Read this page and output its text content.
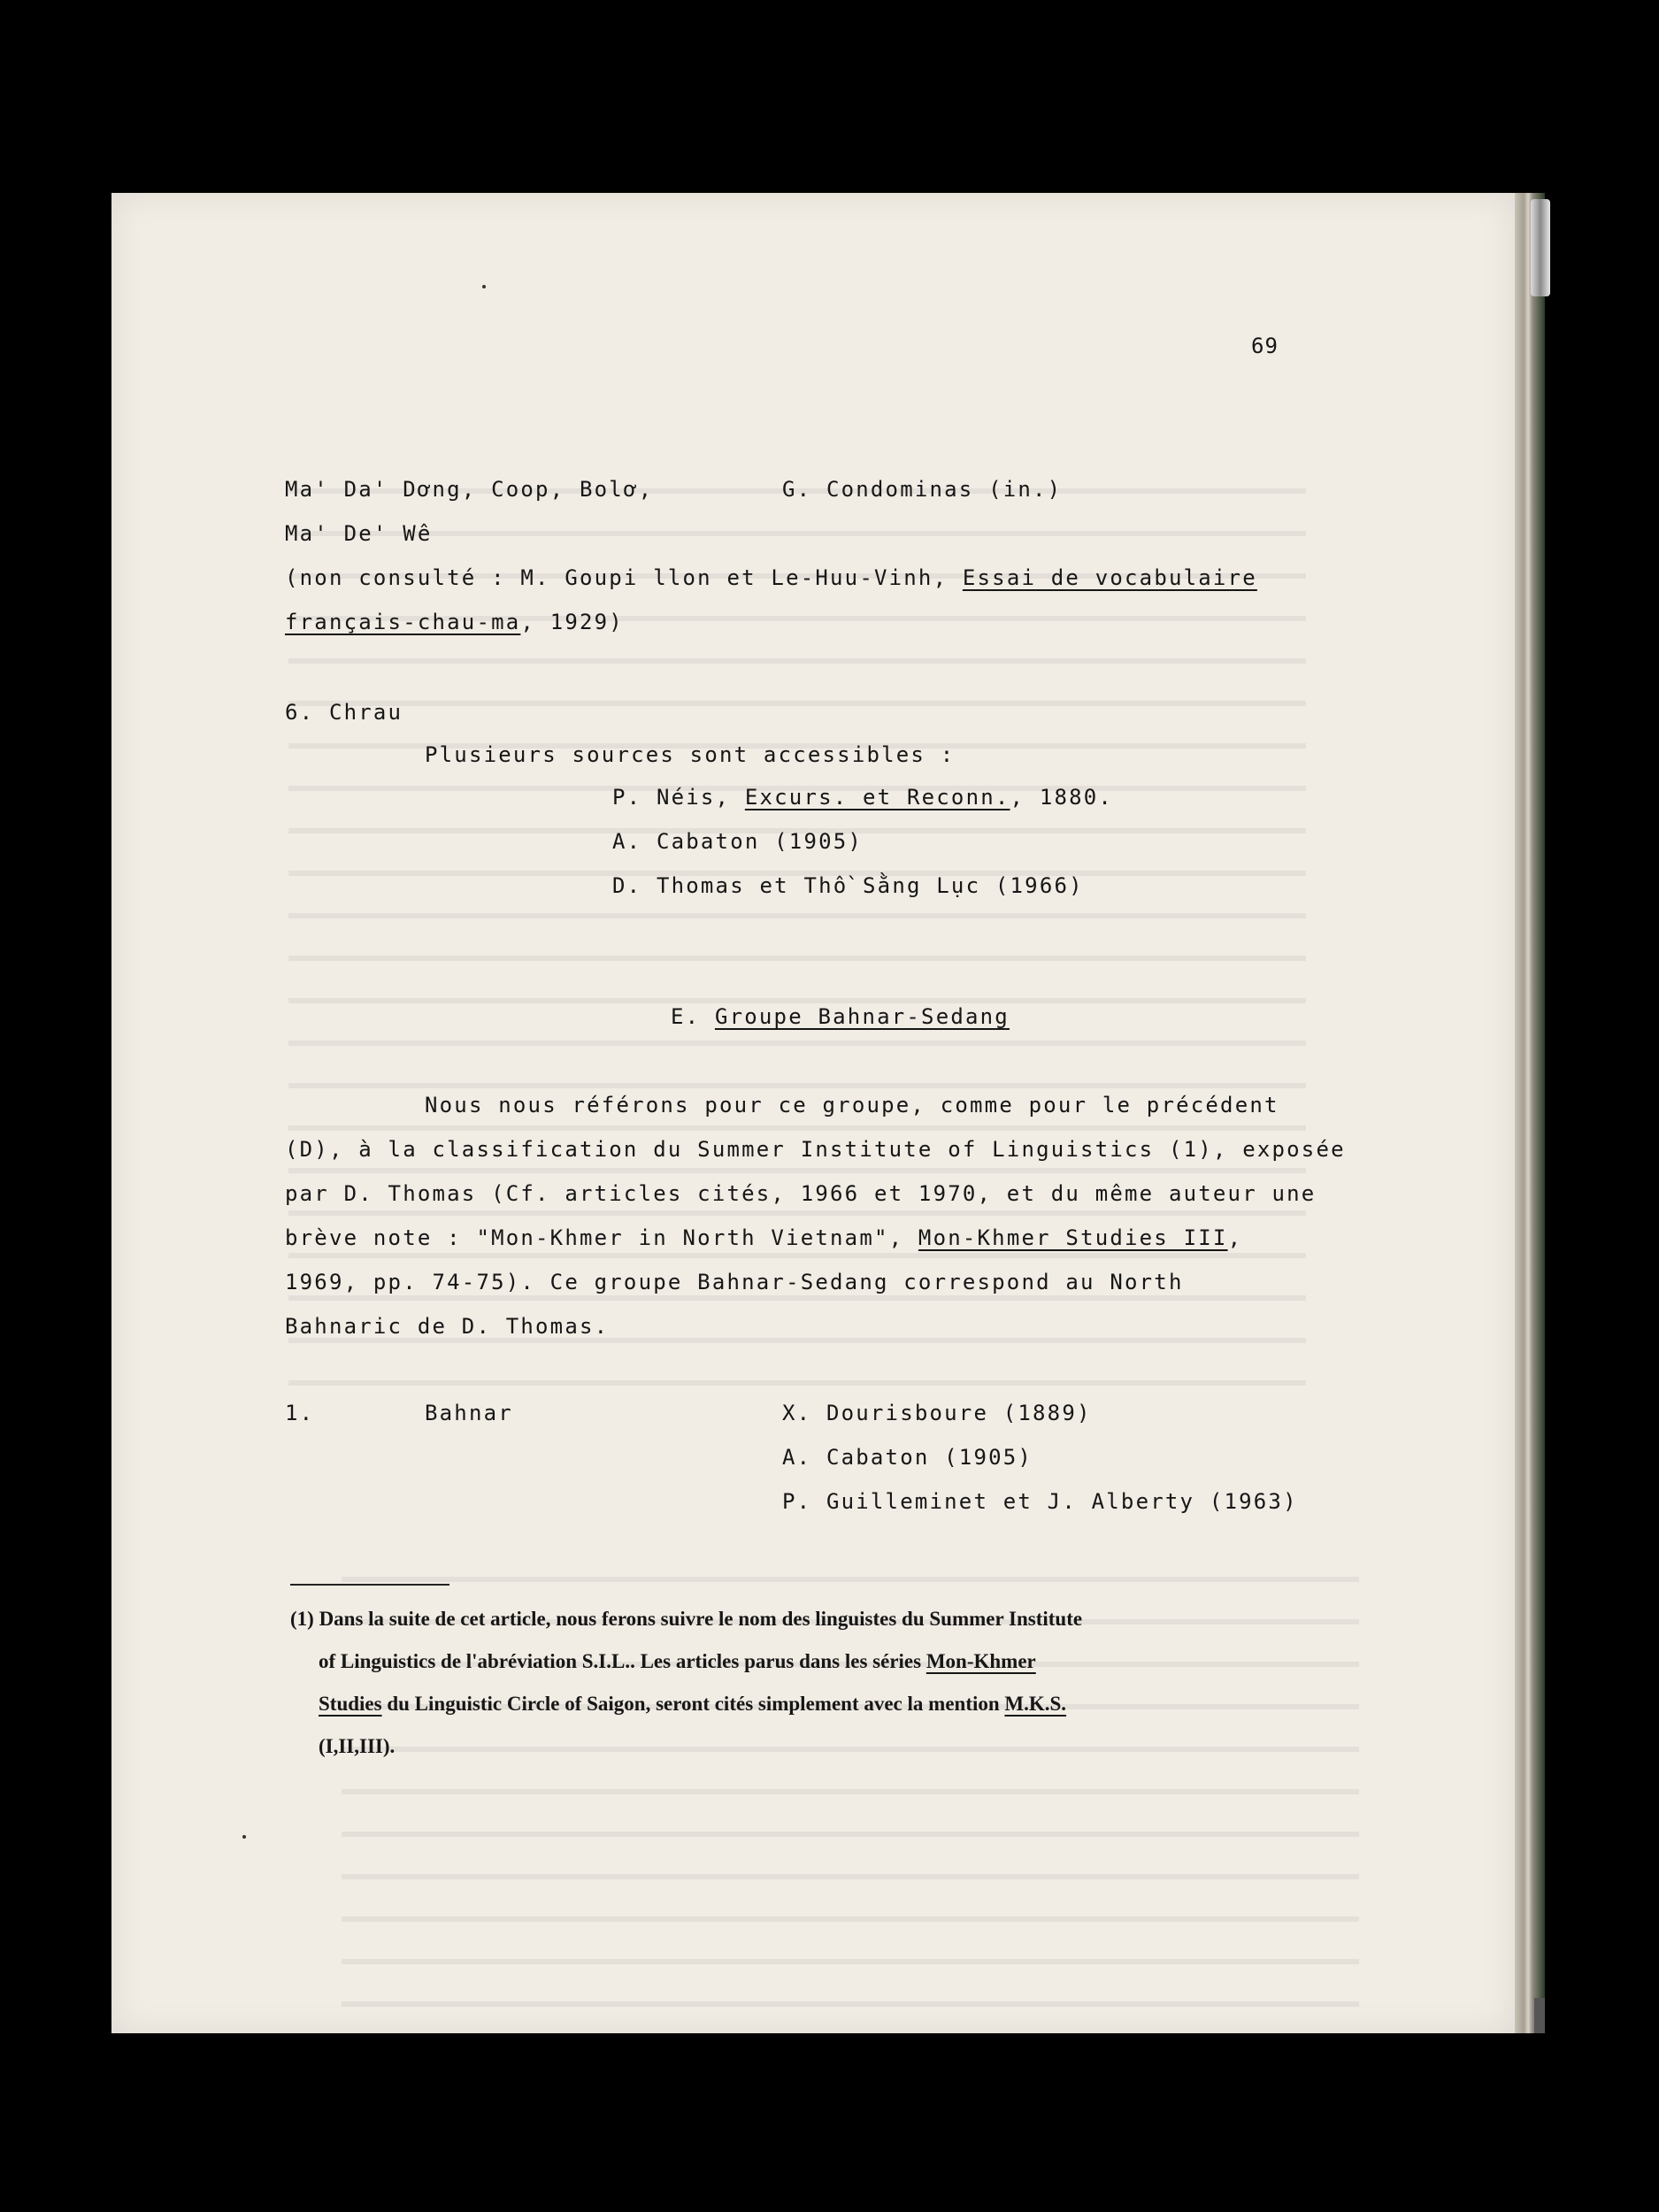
69
Ma' Da' Dơng, Coop, Bolơ,	G. Condominas (in.)
Ma' De' Wê
(non consulté : M. Goupi llon et Le-Huu-Vinh, Essai de vocabulaire
français-chau-ma, 1929)
6. Chrau
Plusieurs sources sont accessibles :
P. Néis, Excurs. et Reconn., 1880.
A. Cabaton (1905)
D. Thomas et Thồ Sằng Lục (1966)
E. Groupe Bahnar-Sedang
Nous nous référons pour ce groupe, comme pour le précédent
(D), à la classification du Summer Institute of Linguistics (1), exposée
par D. Thomas (Cf. articles cités, 1966 et 1970, et du même auteur une
brève note : "Mon-Khmer in North Vietnam", Mon-Khmer Studies III,
1969, pp. 74-75). Ce groupe Bahnar-Sedang correspond au North
Bahnaric de D. Thomas.
1.	Bahnar	X. Dourisboure (1889)
A. Cabaton (1905)
P. Guilleminet et J. Alberty (1963)
(1) Dans la suite de cet article, nous ferons suivre le nom des linguistes du Summer Institute
of Linguistics de l'abréviation S.I.L.. Les articles parus dans les séries Mon-Khmer
Studies du Linguistic Circle of Saigon, seront cités simplement avec la mention M.K.S.
(I,II,III).
